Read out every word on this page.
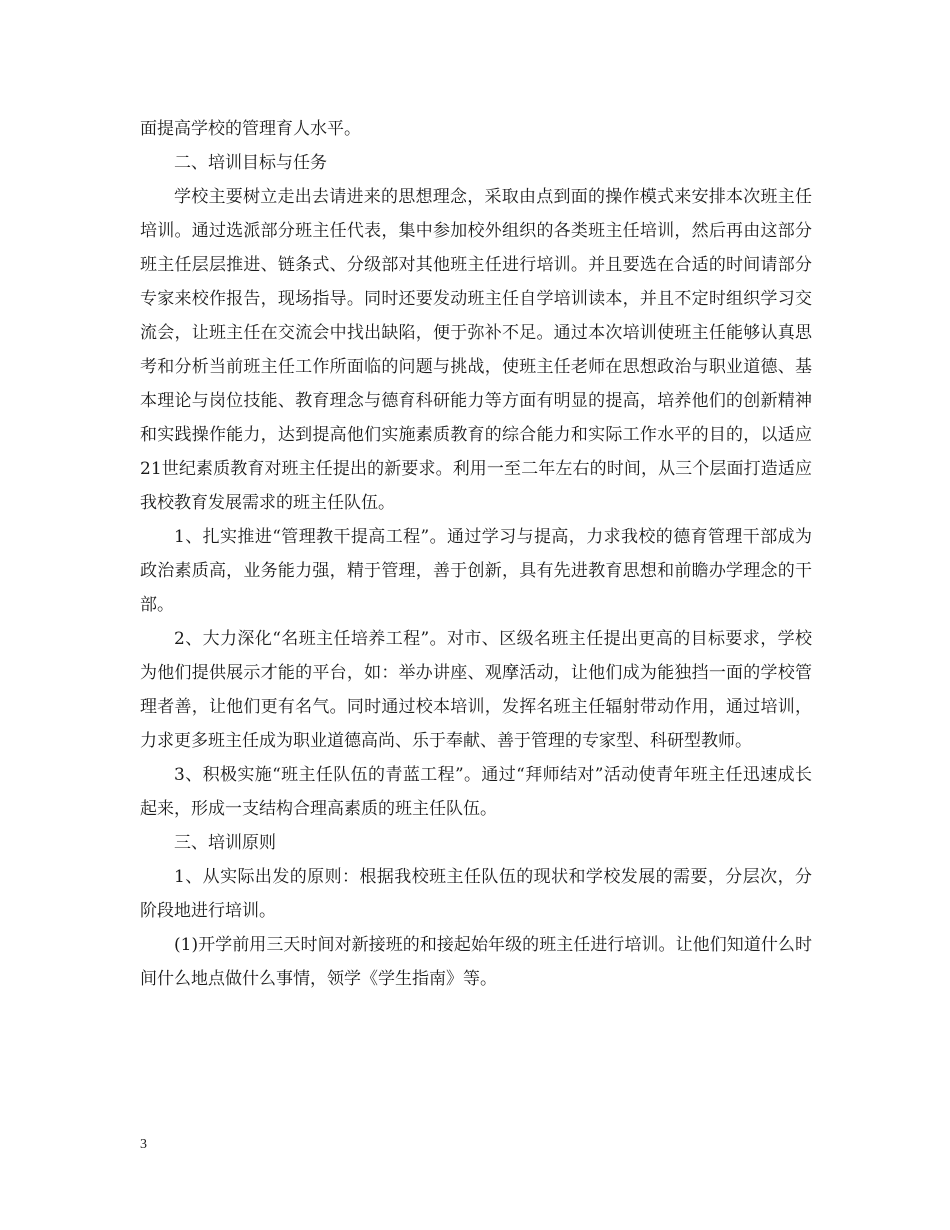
面提高学校的管理育人水平。

二、培训目标与任务

学校主要树立走出去请进来的思想理念，采取由点到面的操作模式来安排本次班主任培训。通过选派部分班主任代表，集中参加校外组织的各类班主任培训，然后再由这部分班主任层层推进、链条式、分级部对其他班主任进行培训。并且要选在合适的时间请部分专家来校作报告，现场指导。同时还要发动班主任自学培训读本，并且不定时组织学习交流会，让班主任在交流会中找出缺陷，便于弥补不足。通过本次培训使班主任能够认真思考和分析当前班主任工作所面临的问题与挑战，使班主任老师在思想政治与职业道德、基本理论与岗位技能、教育理念与德育科研能力等方面有明显的提高，培养他们的创新精神和实践操作能力，达到提高他们实施素质教育的综合能力和实际工作水平的目的，以适应21世纪素质教育对班主任提出的新要求。利用一至二年左右的时间，从三个层面打造适应我校教育发展需求的班主任队伍。

1、扎实推进“管理教干提高工程”。通过学习与提高，力求我校的德育管理干部成为政治素质高，业务能力强，精于管理，善于创新，具有先进教育思想和前瞻办学理念的干部。

2、大力深化“名班主任培养工程”。对市、区级名班主任提出更高的目标要求，学校为他们提供展示才能的平台，如：举办讲座、观摩活动，让他们成为能独挡一面的学校管理者善，让他们更有名气。同时通过校本培训，发挥名班主任辐射带动作用，通过培训，力求更多班主任成为职业道德高尚、乐于奉献、善于管理的专家型、科研型教师。

3、积极实施“班主任队伍的青蓝工程”。通过“拜师结对”活动使青年班主任迅速成长起来，形成一支结构合理高素质的班主任队伍。

三、培训原则

1、从实际出发的原则：根据我校班主任队伍的现状和学校发展的需要，分层次，分阶段地进行培训。

(1)开学前用三天时间对新接班的和接起始年级的班主任进行培训。让他们知道什么时间什么地点做什么事情，领学《学生指南》等。

3
